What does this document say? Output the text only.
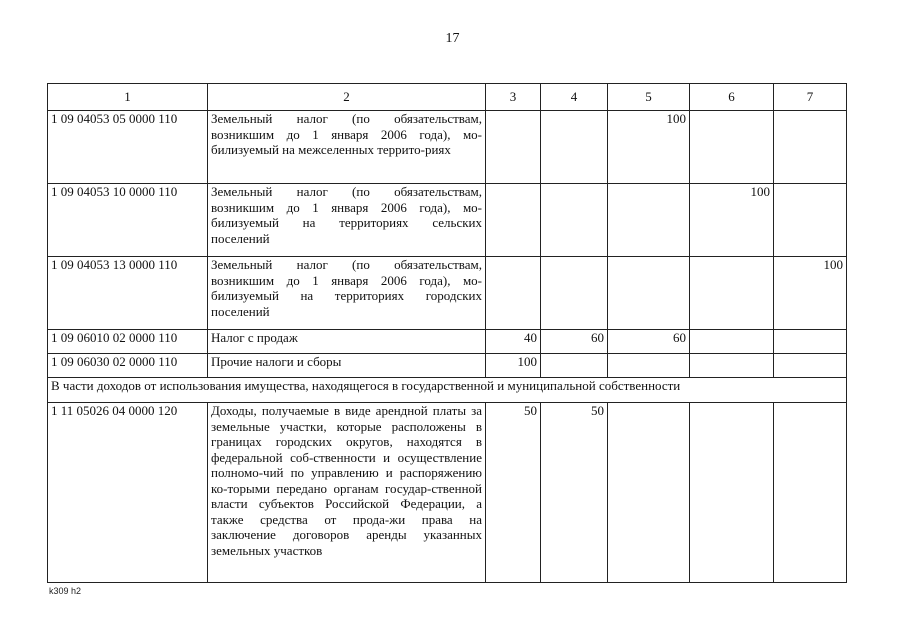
17
1	2	3	4	5	6	7
1 09 04053 05 0000 110	Земельный налог (по обязательствам, возникшим до 1 января 2006 года), мо-билизуемый на межселенных террито-риях			100		
1 09 04053 10 0000 110	Земельный налог (по обязательствам, возникшим до 1 января 2006 года), мо-билизуемый на территориях сельских поселений				100	
1 09 04053 13 0000 110	Земельный налог (по обязательствам, возникшим до 1 января 2006 года), мо-билизуемый на территориях городских поселений					100
1 09 06010 02 0000 110	Налог с продаж	40	60	60		
1 09 06030 02 0000 110	Прочие налоги и сборы	100				
В части доходов от использования имущества, находящегося в государственной и муниципальной собственности						
1 11 05026 04 0000 120	Доходы, получаемые в виде арендной платы за земельные участки, которые расположены в границах городских округов, находятся в федеральной соб-ственности и осуществление полномо-чий по управлению и распоряжению ко-торыми передано органам государ-ственной власти субъектов Российской Федерации, а также средства от прода-жи права на заключение договоров аренды указанных земельных участков	50	50			
k309 h2
